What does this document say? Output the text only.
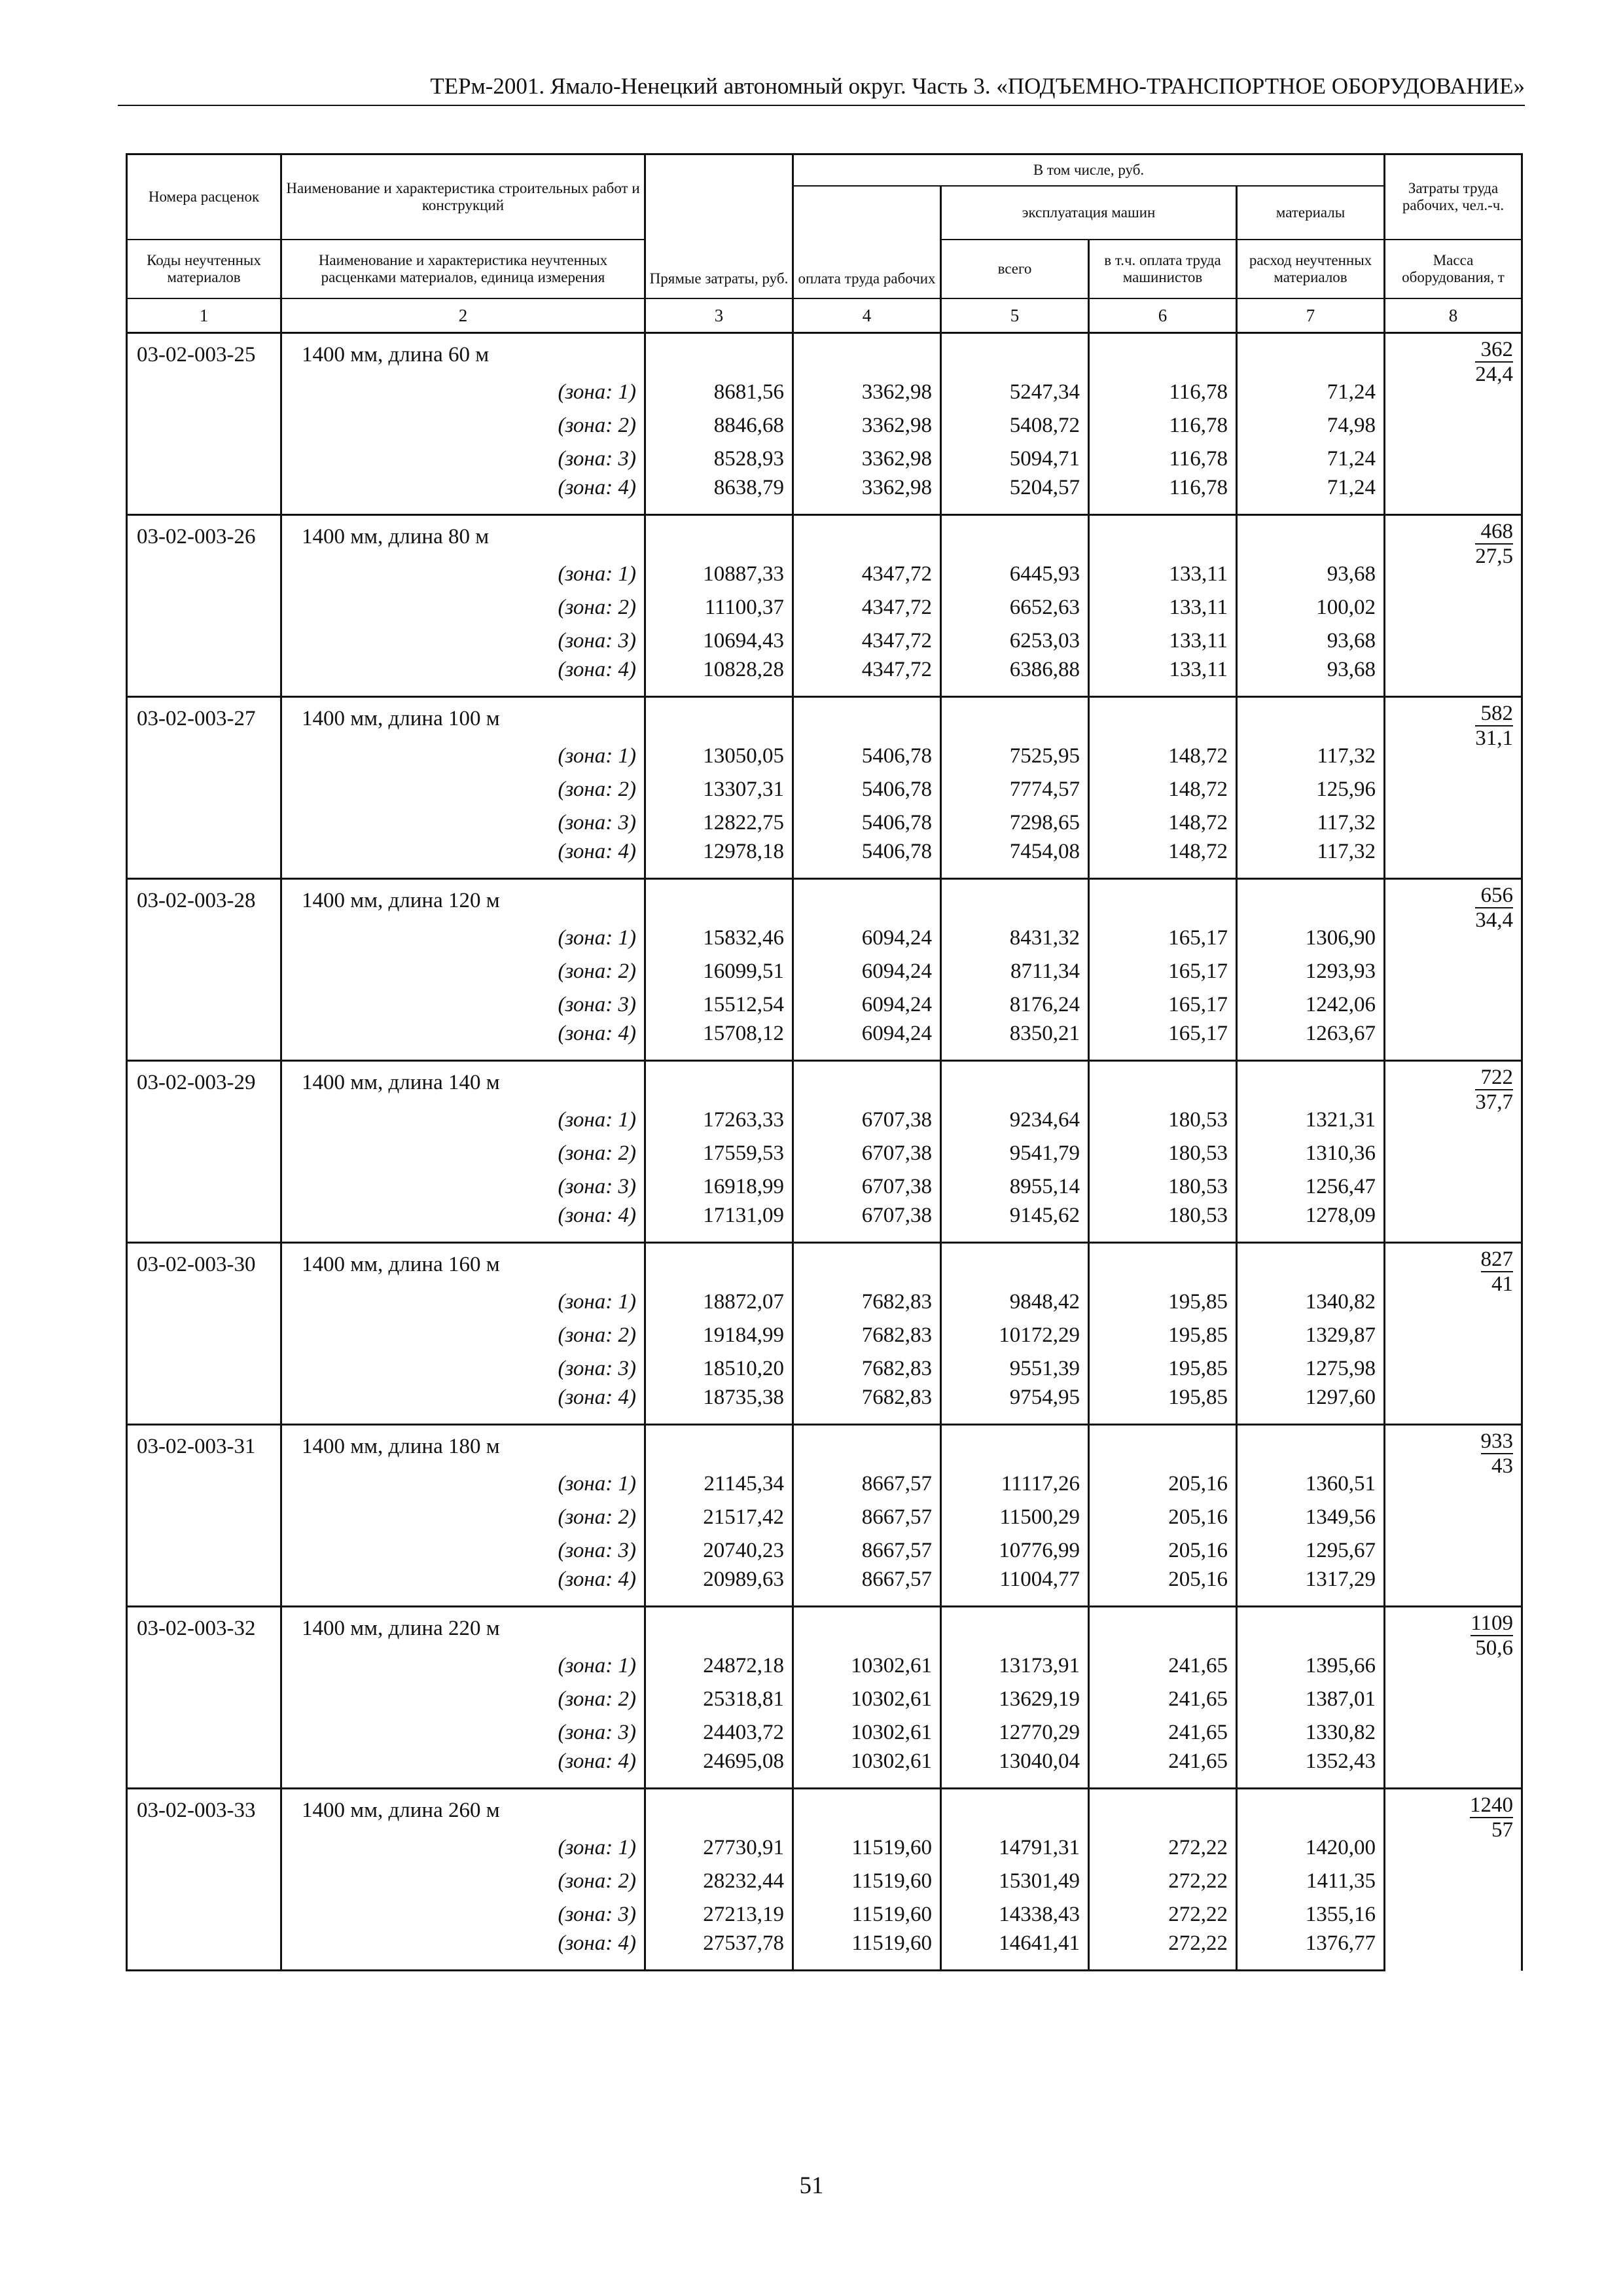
ТЕРм-2001. Ямало-Ненецкий автономный округ. Часть 3. «ПОДЪЕМНО-ТРАНСПОРТНОЕ ОБОРУДОВАНИЕ»
Номера расценок	Наименование и характеристика строительных работ и конструкций	Прямые затраты, руб.	В том числе, руб.				Затраты труда рабочих, чел.-ч.
			оплата труда рабочих	эксплуатация машин		материалы	
Коды неучтенных материалов	Наименование и характеристика неучтенных расценками материалов, единица измерения			всего	в т.ч. оплата труда машинистов	расход неучтенных материалов	Масса оборудования, т
1	2	3	4	5	6	7	8
03-02-003-25	1400 мм, длина 60 м						$\frac{362}{24,4}$

	(зона: 1)	8681,56	3362,98	5247,34	116,78	71,24	
	(зона: 2)	8846,68	3362,98	5408,72	116,78	74,98	
	(зона: 3)	8528,93	3362,98	5094,71	116,78	71,24	
	(зона: 4)	8638,79	3362,98	5204,57	116,78	71,24	
03-02-003-26	1400 мм, длина 80 м						$\frac{468}{27,5}$

	(зона: 1)	10887,33	4347,72	6445,93	133,11	93,68	
	(зона: 2)	11100,37	4347,72	6652,63	133,11	100,02	
	(зона: 3)	10694,43	4347,72	6253,03	133,11	93,68	
	(зона: 4)	10828,28	4347,72	6386,88	133,11	93,68	
03-02-003-27	1400 мм, длина 100 м						$\frac{582}{31,1}$

	(зона: 1)	13050,05	5406,78	7525,95	148,72	117,32	
	(зона: 2)	13307,31	5406,78	7774,57	148,72	125,96	
	(зона: 3)	12822,75	5406,78	7298,65	148,72	117,32	
	(зона: 4)	12978,18	5406,78	7454,08	148,72	117,32	
03-02-003-28	1400 мм, длина 120 м						$\frac{656}{34,4}$

	(зона: 1)	15832,46	6094,24	8431,32	165,17	1306,90	
	(зона: 2)	16099,51	6094,24	8711,34	165,17	1293,93	
	(зона: 3)	15512,54	6094,24	8176,24	165,17	1242,06	
	(зона: 4)	15708,12	6094,24	8350,21	165,17	1263,67	
03-02-003-29	1400 мм, длина 140 м						$\frac{722}{37,7}$

	(зона: 1)	17263,33	6707,38	9234,64	180,53	1321,31	
	(зона: 2)	17559,53	6707,38	9541,79	180,53	1310,36	
	(зона: 3)	16918,99	6707,38	8955,14	180,53	1256,47	
	(зона: 4)	17131,09	6707,38	9145,62	180,53	1278,09	
03-02-003-30	1400 мм, длина 160 м						$\frac{827}{41}$

	(зона: 1)	18872,07	7682,83	9848,42	195,85	1340,82	
	(зона: 2)	19184,99	7682,83	10172,29	195,85	1329,87	
	(зона: 3)	18510,20	7682,83	9551,39	195,85	1275,98	
	(зона: 4)	18735,38	7682,83	9754,95	195,85	1297,60	
03-02-003-31	1400 мм, длина 180 м						$\frac{933}{43}$

	(зона: 1)	21145,34	8667,57	11117,26	205,16	1360,51	
	(зона: 2)	21517,42	8667,57	11500,29	205,16	1349,56	
	(зона: 3)	20740,23	8667,57	10776,99	205,16	1295,67	
	(зона: 4)	20989,63	8667,57	11004,77	205,16	1317,29	
03-02-003-32	1400 мм, длина 220 м						$\frac{1109}{50,6}$

	(зона: 1)	24872,18	10302,61	13173,91	241,65	1395,66	
	(зона: 2)	25318,81	10302,61	13629,19	241,65	1387,01	
	(зона: 3)	24403,72	10302,61	12770,29	241,65	1330,82	
	(зона: 4)	24695,08	10302,61	13040,04	241,65	1352,43	
03-02-003-33	1400 мм, длина 260 м						$\frac{1240}{57}$

	(зона: 1)	27730,91	11519,60	14791,31	272,22	1420,00	
	(зона: 2)	28232,44	11519,60	15301,49	272,22	1411,35	
	(зона: 3)	27213,19	11519,60	14338,43	272,22	1355,16	
	(зона: 4)	27537,78	11519,60	14641,41	272,22	1376,77	
51
